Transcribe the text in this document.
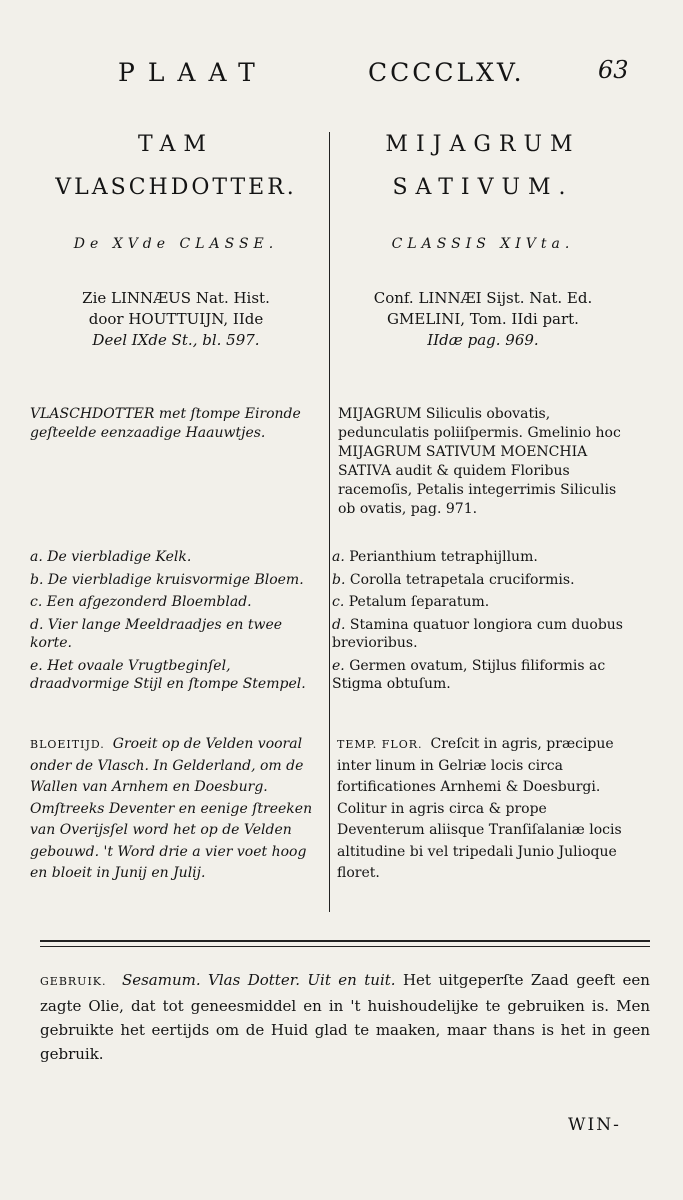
PLAAT	CCCCLXV.	63
TAM
VLASCHDOTTER.
De XVde CLASSE.
Zie LINNÆUS Nat. Hist.
door HOUTTUIJN, IIde
Deel IXde St., bl. 597.
MIJAGRUM
SATIVUM.
CLASSIS XIVta.
Conf. LINNÆI Sijst. Nat. Ed.
GMELINI, Tom. IIdi part.
IIdæ pag. 969.
VLASCHDOTTER met ſtompe Eironde geſteelde eenzaadige Haauwtjes.
MIJAGRUM Siliculis obovatis, pedunculatis poliiſpermis. Gmelinio hoc MIJAGRUM SATIVUM MOENCHIA SATIVA audit & quidem Floribus racemoſis, Petalis integerrimis Siliculis ob ovatis, pag. 971.
a. De vierbladige Kelk.
b. De vierbladige kruisvormige Bloem.
c. Een afgezonderd Bloemblad.
d. Vier lange Meeldraadjes en twee korte.
e. Het ovaale Vrugtbeginſel, draadvormige Stijl en ſtompe Stempel.
a. Perianthium tetraphijllum.
b. Corolla tetrapetala cruciformis.
c. Petalum ſeparatum.
d. Stamina quatuor longiora cum duobus brevioribus.
e. Germen ovatum, Stijlus filiformis ac Stigma obtuſum.
BLOEITIJD. Groeit op de Velden vooral onder de Vlasch. In Gelderland, om de Wallen van Arnhem en Doesburg. Omſtreeks Deventer en eenige ſtreeken van Overijsſel word het op de Velden gebouwd. 't Word drie a vier voet hoog en bloeit in Junij en Julij.
TEMP. FLOR. Creſcit in agris, præcipue inter linum in Gelriæ locis circa fortificationes Arnhemi & Doesburgi. Colitur in agris circa & prope Deventerum aliisque Tranſiſalaniæ locis altitudine bi vel tripedali Junio Julioque floret.
GEBRUIK. Sesamum. Vlas Dotter. Uit en tuit. Het uitgeperſte Zaad geeft een zagte Olie, dat tot geneesmiddel en in 't huishoudelijke te gebruiken is. Men gebruikte het eertijds om de Huid glad te maaken, maar thans is het in geen gebruik.
WIN-
